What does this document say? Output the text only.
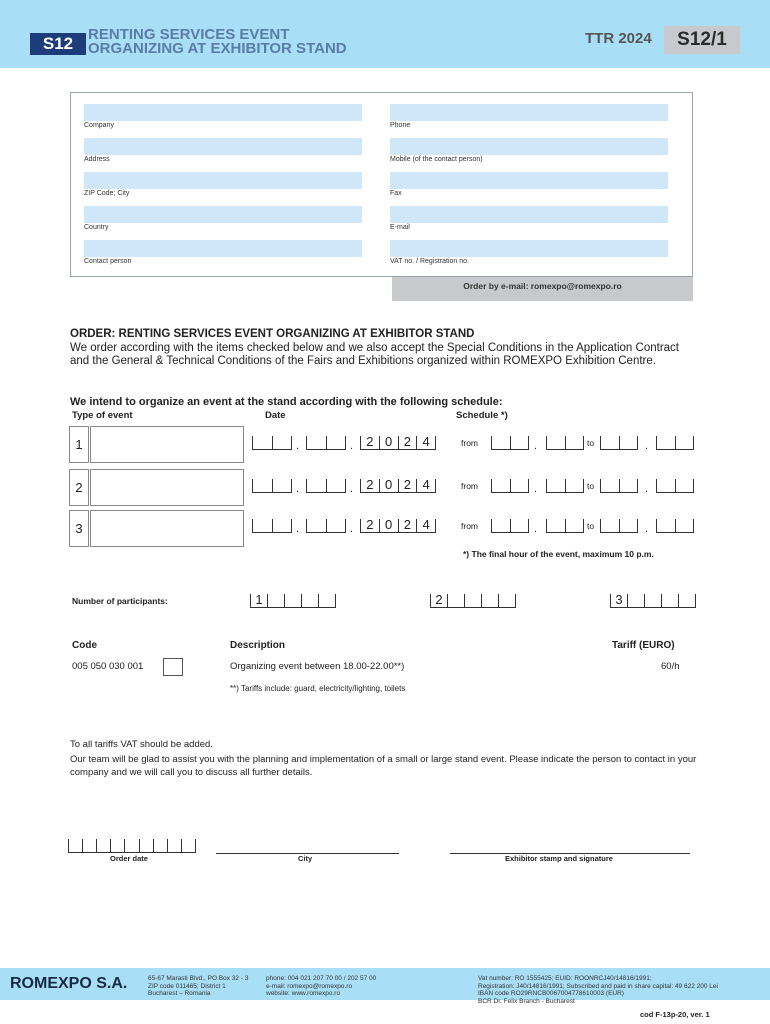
S12 RENTING SERVICES EVENT
ORGANIZING AT EXHIBITOR STAND
TTR 2024	S12/1
Company
Address
ZIP Code; City
Country
Contact person
Phone
Mobile (of the contact person)
Fax
E-mail
VAT no. / Registration no.
Order by e-mail: romexpo@romexpo.ro
ORDER: RENTING SERVICES EVENT ORGANIZING AT EXHIBITOR STAND
We order according with the items checked below and we also accept the Special Conditions in the Application Contract and the General & Technical Conditions of the Fairs and Exhibitions organized within ROMEXPO Exhibition Centre.
We intend to organize an event at the stand according with the following schedule:
Type of event	Date	Schedule *)
1	.	.	2 0 2 4	from	.	to	.
2	.	.	2 0 2 4	from	.	to	.
3	.	.	2 0 2 4	from	.	to	.
*) The final hour of the event, maximum 10 p.m.
Number of participants:	1	2	3
Code	Description	Tariff (EURO)
005 050 030 001	Organizing event between 18.00-22.00**)	60/h
**) Tariffs include: guard, electricity/lighting, toilets
To all tariffs VAT should be added.
Our team will be glad to assist you with the planning and implementation of a small or large stand event. Please indicate the person to contact in your company and we will call you to discuss all further details.
Order date	City	Exhibitor stamp and signature
ROMEXPO S.A.	65-67 Marasti Blvd., PO Box 32 - 3
ZIP code 011465; District 1
Bucharest – Romania
phone: 004 021 207 70 00 / 202 57 00
e-mail: romexpo@romexpo.ro
website: www.romexpo.ro
Vat number: RO 1555425; EUID: ROONRCJ40/14816/1991;
Registration: J40/14816/1991; Subscribed and paid in share capital: 49 622 200 Lei
IBAN code RO29RNCB0067004778610003 (EUR)
BCR Dr. Felix Branch - Bucharest
cod F-13p-20, ver. 1
